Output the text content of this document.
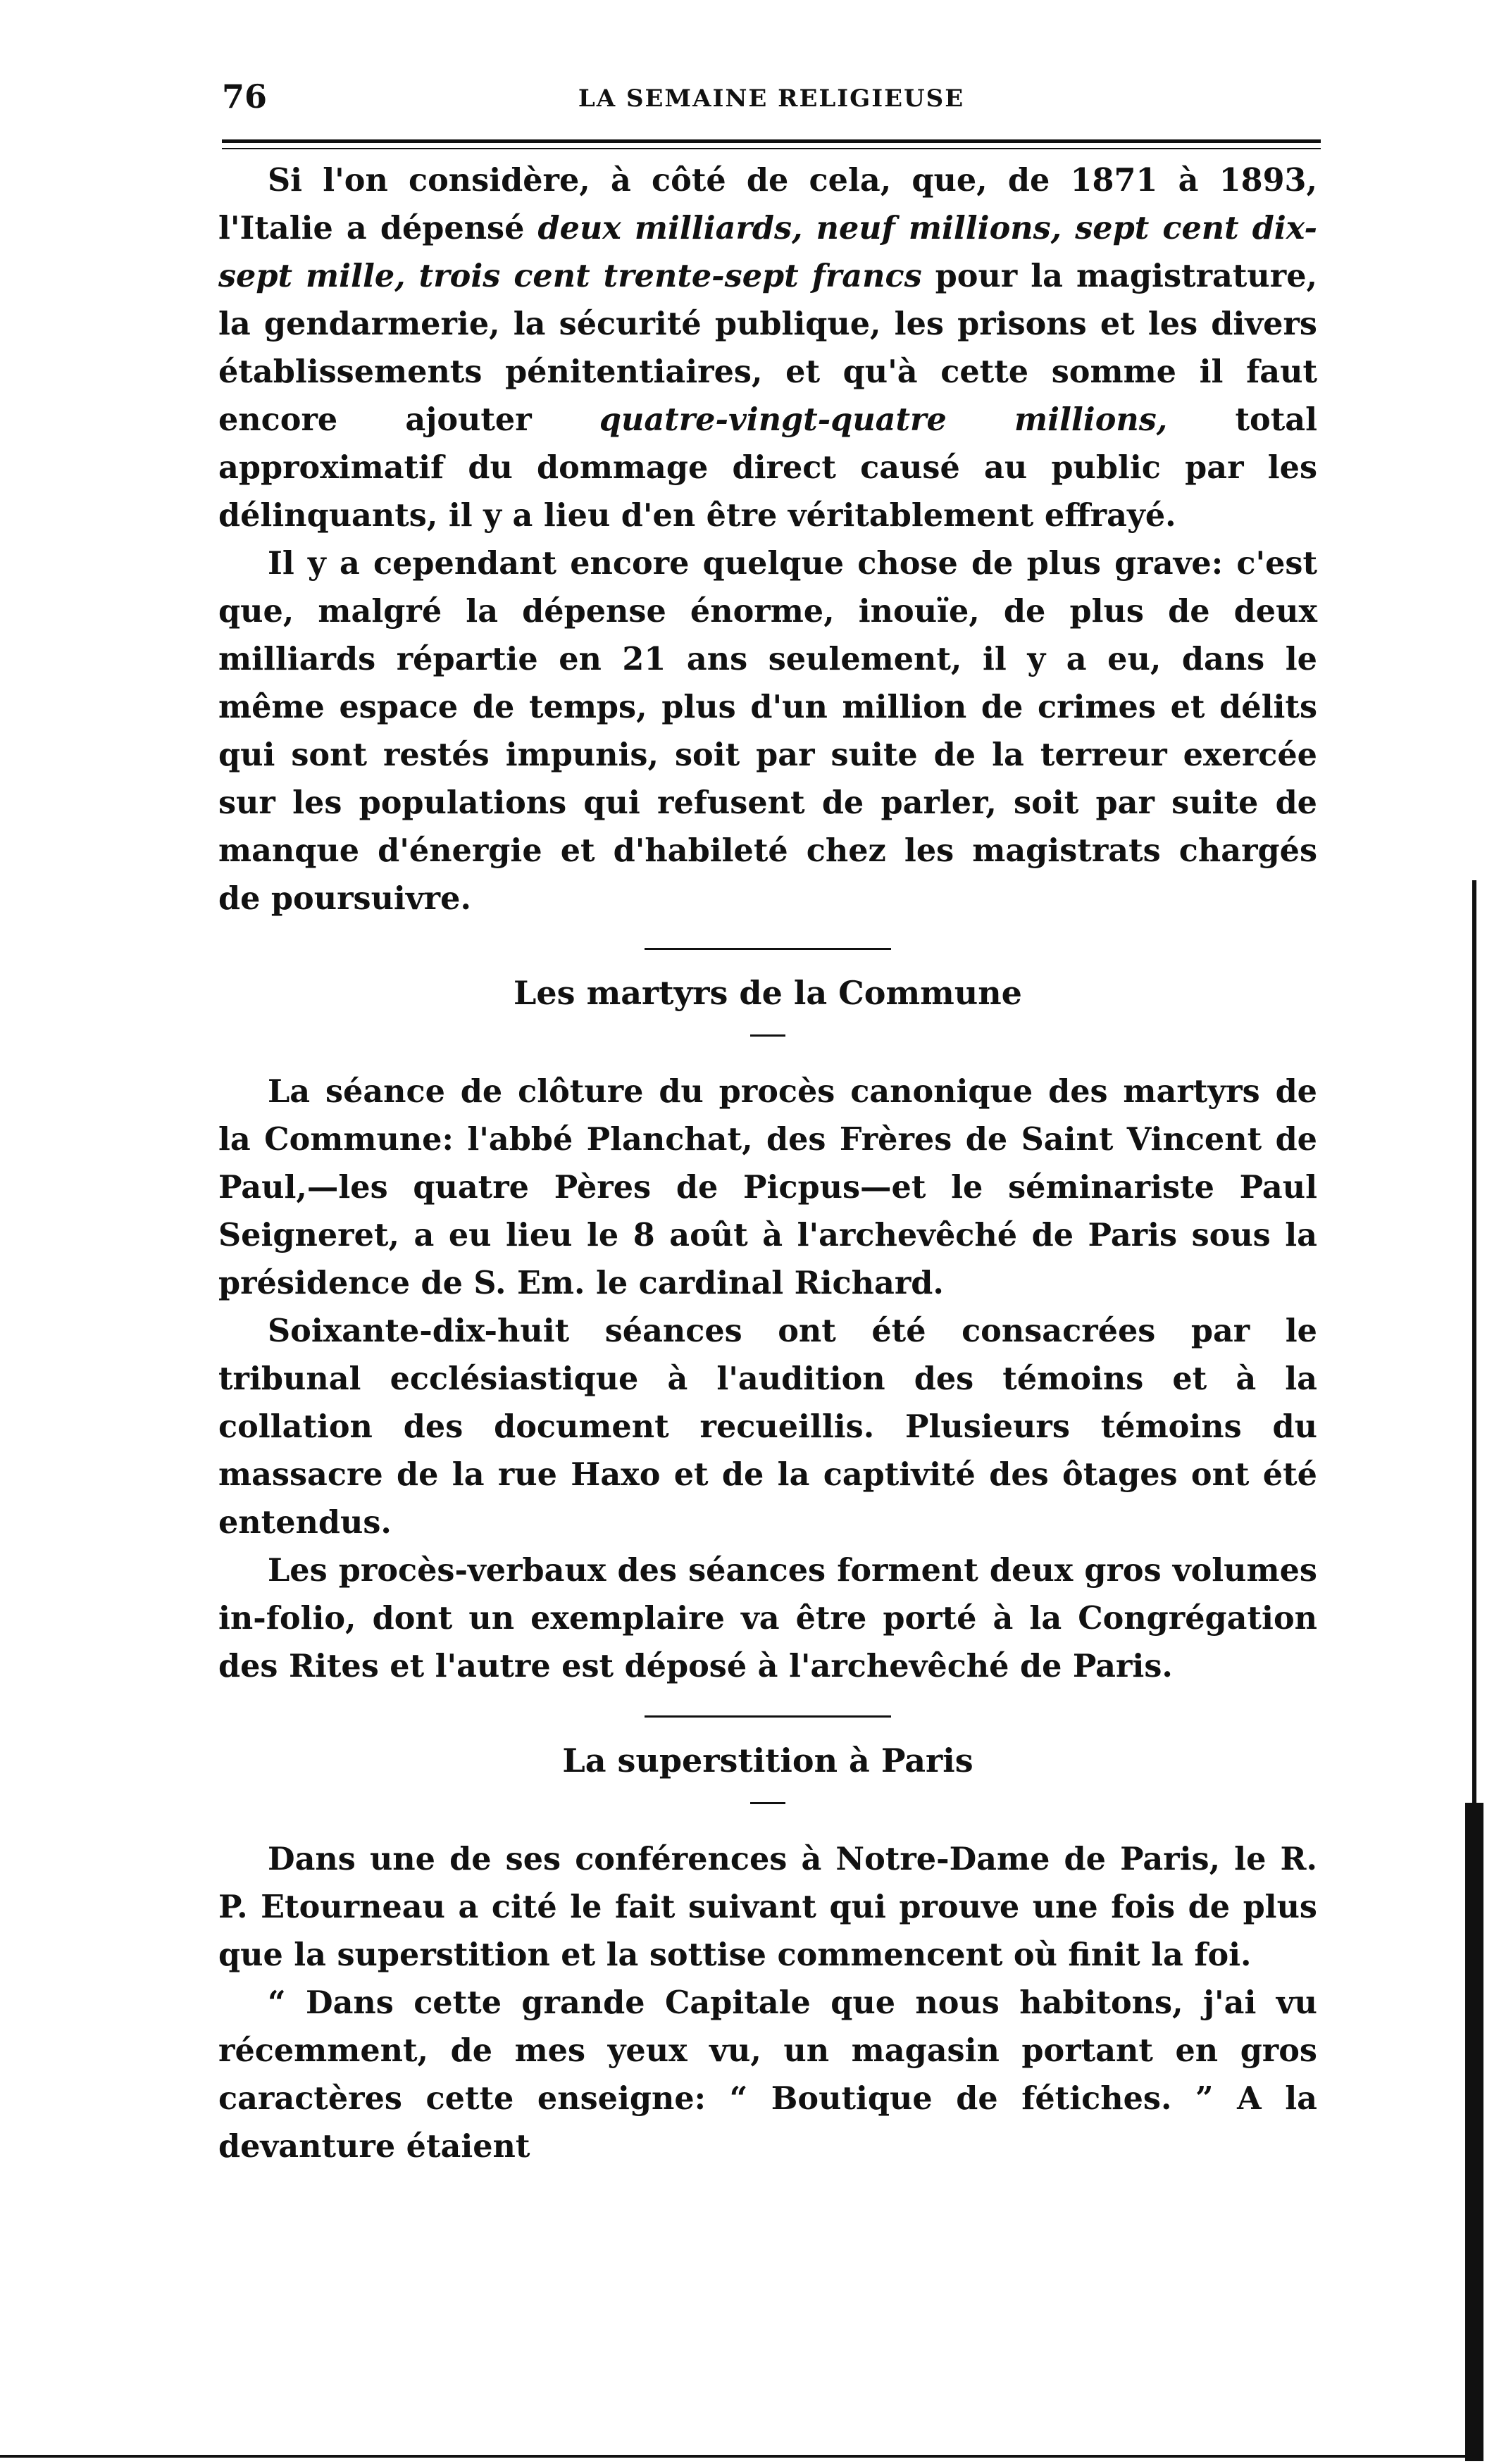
76	LA SEMAINE RELIGIEUSE

Si l'on considère, à côté de cela, que, de 1871 à 1893, l'Italie a dépensé deux milliards, neuf millions, sept cent dix-sept mille, trois cent trente-sept francs pour la magistrature, la gendarmerie, la sécurité publique, les prisons et les divers établissements pénitentiaires, et qu'à cette somme il faut encore ajouter quatre-vingt-quatre millions, total approximatif du dommage direct causé au public par les délinquants, il y a lieu d'en être véritablement effrayé.

Il y a cependant encore quelque chose de plus grave: c'est que, malgré la dépense énorme, inouïe, de plus de deux milliards répartie en 21 ans seulement, il y a eu, dans le même espace de temps, plus d'un million de crimes et délits qui sont restés impunis, soit par suite de la terreur exercée sur les populations qui refusent de parler, soit par suite de manque d'énergie et d'habileté chez les magistrats chargés de poursuivre.

Les martyrs de la Commune

La séance de clôture du procès canonique des martyrs de la Commune: l'abbé Planchat, des Frères de Saint Vincent de Paul,—les quatre Pères de Picpus—et le séminariste Paul Seigneret, a eu lieu le 8 août à l'archevêché de Paris sous la présidence de S. Em. le cardinal Richard.

Soixante-dix-huit séances ont été consacrées par le tribunal ecclésiastique à l'audition des témoins et à la collation des document recueillis. Plusieurs témoins du massacre de la rue Haxo et de la captivité des ôtages ont été entendus.

Les procès-verbaux des séances forment deux gros volumes in-folio, dont un exemplaire va être porté à la Congrégation des Rites et l'autre est déposé à l'archevêché de Paris.

La superstition à Paris

Dans une de ses conférences à Notre-Dame de Paris, le R. P. Etourneau a cité le fait suivant qui prouve une fois de plus que la superstition et la sottise commencent où finit la foi.

“ Dans cette grande Capitale que nous habitons, j'ai vu récemment, de mes yeux vu, un magasin portant en gros caractères cette enseigne: “ Boutique de fétiches. ” A la devanture étaient
